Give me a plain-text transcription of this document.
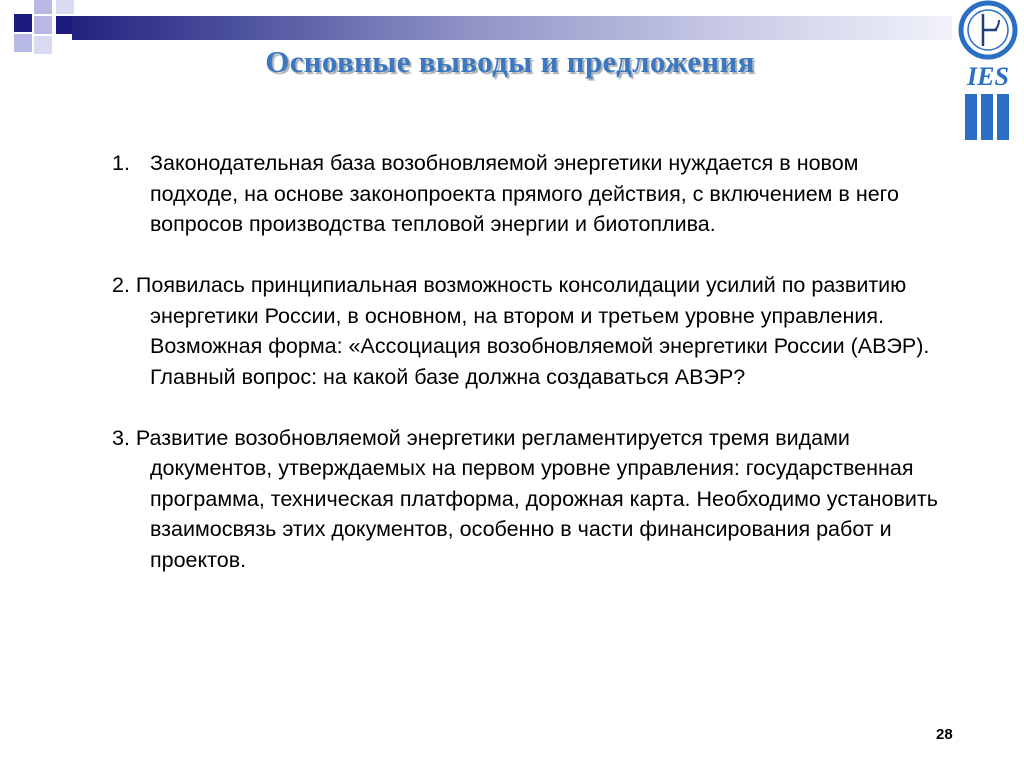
Основные выводы и предложения	IES
1. Законодательная база возобновляемой энергетики нуждается в новом подходе, на основе законопроекта прямого действия, с включением в него вопросов производства тепловой энергии и биотоплива.
2. Появилась принципиальная возможность консолидации усилий по развитию энергетики России, в основном, на втором и третьем уровне управления. Возможная форма: «Ассоциация возобновляемой энергетики России (АВЭР). Главный вопрос: на какой базе должна создаваться АВЭР?
3. Развитие возобновляемой энергетики регламентируется тремя видами документов, утверждаемых на первом уровне управления: государственная программа, техническая платформа, дорожная карта. Необходимо установить взаимосвязь этих документов, особенно в части финансирования работ и проектов.
28
